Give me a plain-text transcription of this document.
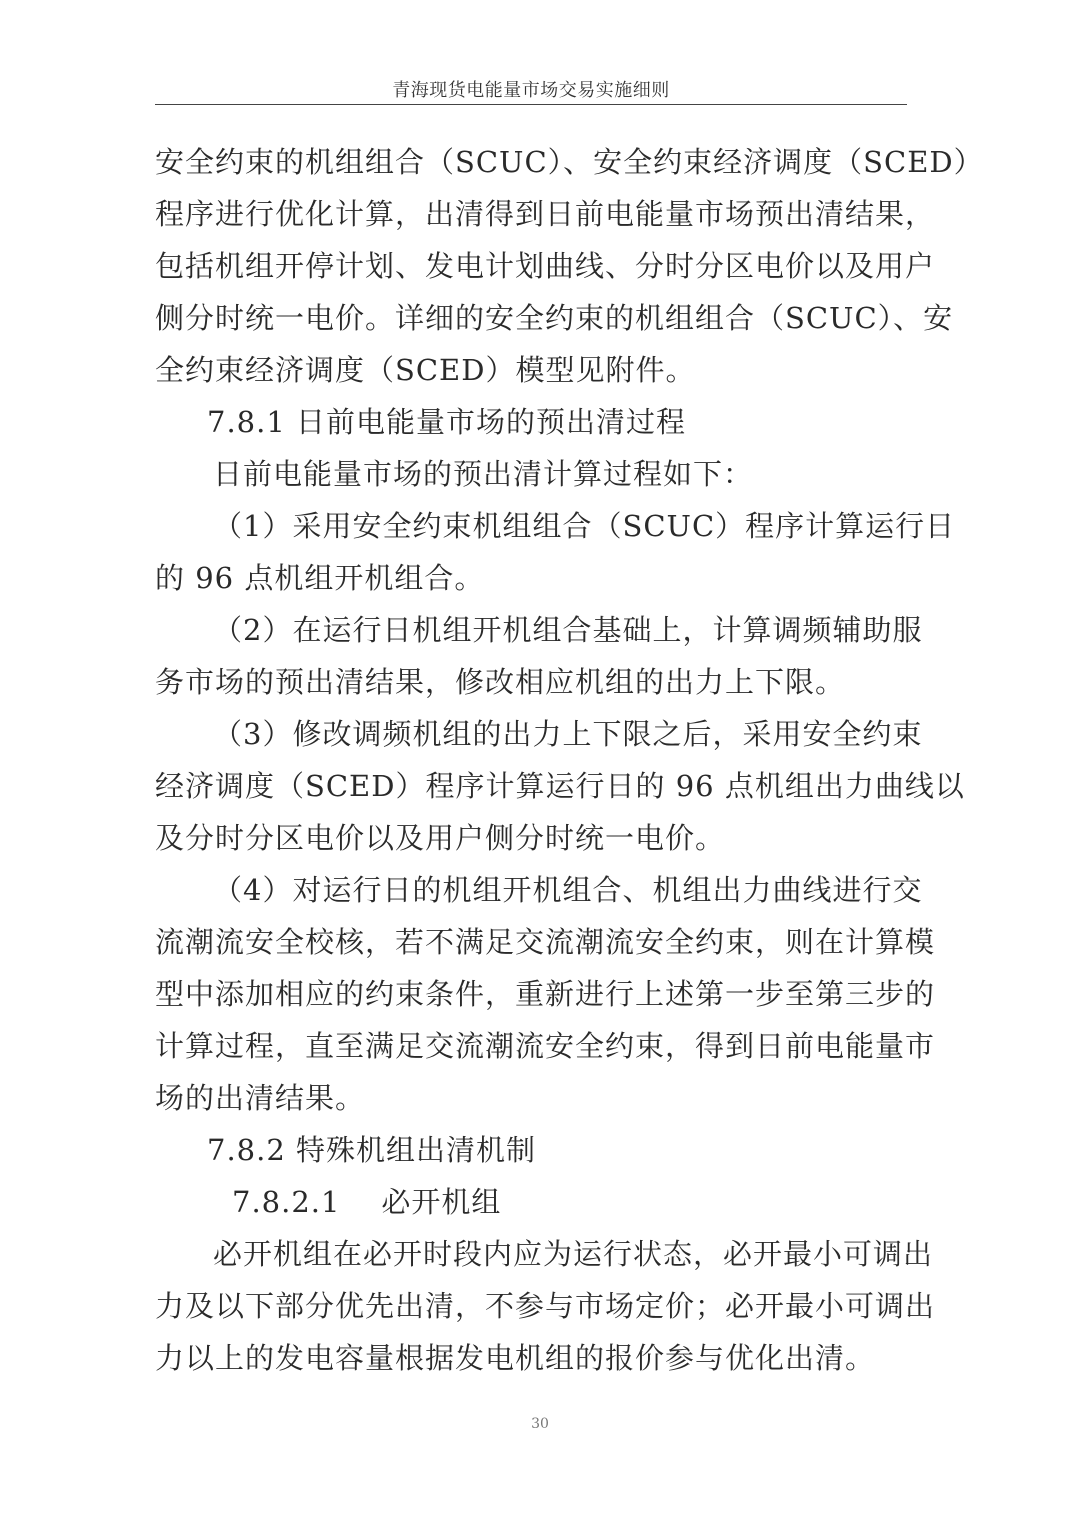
青海现货电能量市场交易实施细则
安全约束的机组组合（SCUC）、安全约束经济调度（SCED）
程序进行优化计算，出清得到日前电能量市场预出清结果，
包括机组开停计划、发电计划曲线、分时分区电价以及用户
侧分时统一电价。详细的安全约束的机组组合（SCUC）、安
全约束经济调度（SCED）模型见附件。
7.8.1 日前电能量市场的预出清过程
日前电能量市场的预出清计算过程如下：
（1）采用安全约束机组组合（SCUC）程序计算运行日
的 96 点机组开机组合。
（2）在运行日机组开机组合基础上，计算调频辅助服
务市场的预出清结果，修改相应机组的出力上下限。
（3）修改调频机组的出力上下限之后，采用安全约束
经济调度（SCED）程序计算运行日的 96 点机组出力曲线以
及分时分区电价以及用户侧分时统一电价。
（4）对运行日的机组开机组合、机组出力曲线进行交
流潮流安全校核，若不满足交流潮流安全约束，则在计算模
型中添加相应的约束条件，重新进行上述第一步至第三步的
计算过程，直至满足交流潮流安全约束，得到日前电能量市
场的出清结果。
7.8.2 特殊机组出清机制
7.8.2.1    必开机组
必开机组在必开时段内应为运行状态，必开最小可调出
力及以下部分优先出清，不参与市场定价；必开最小可调出
力以上的发电容量根据发电机组的报价参与优化出清。
30
